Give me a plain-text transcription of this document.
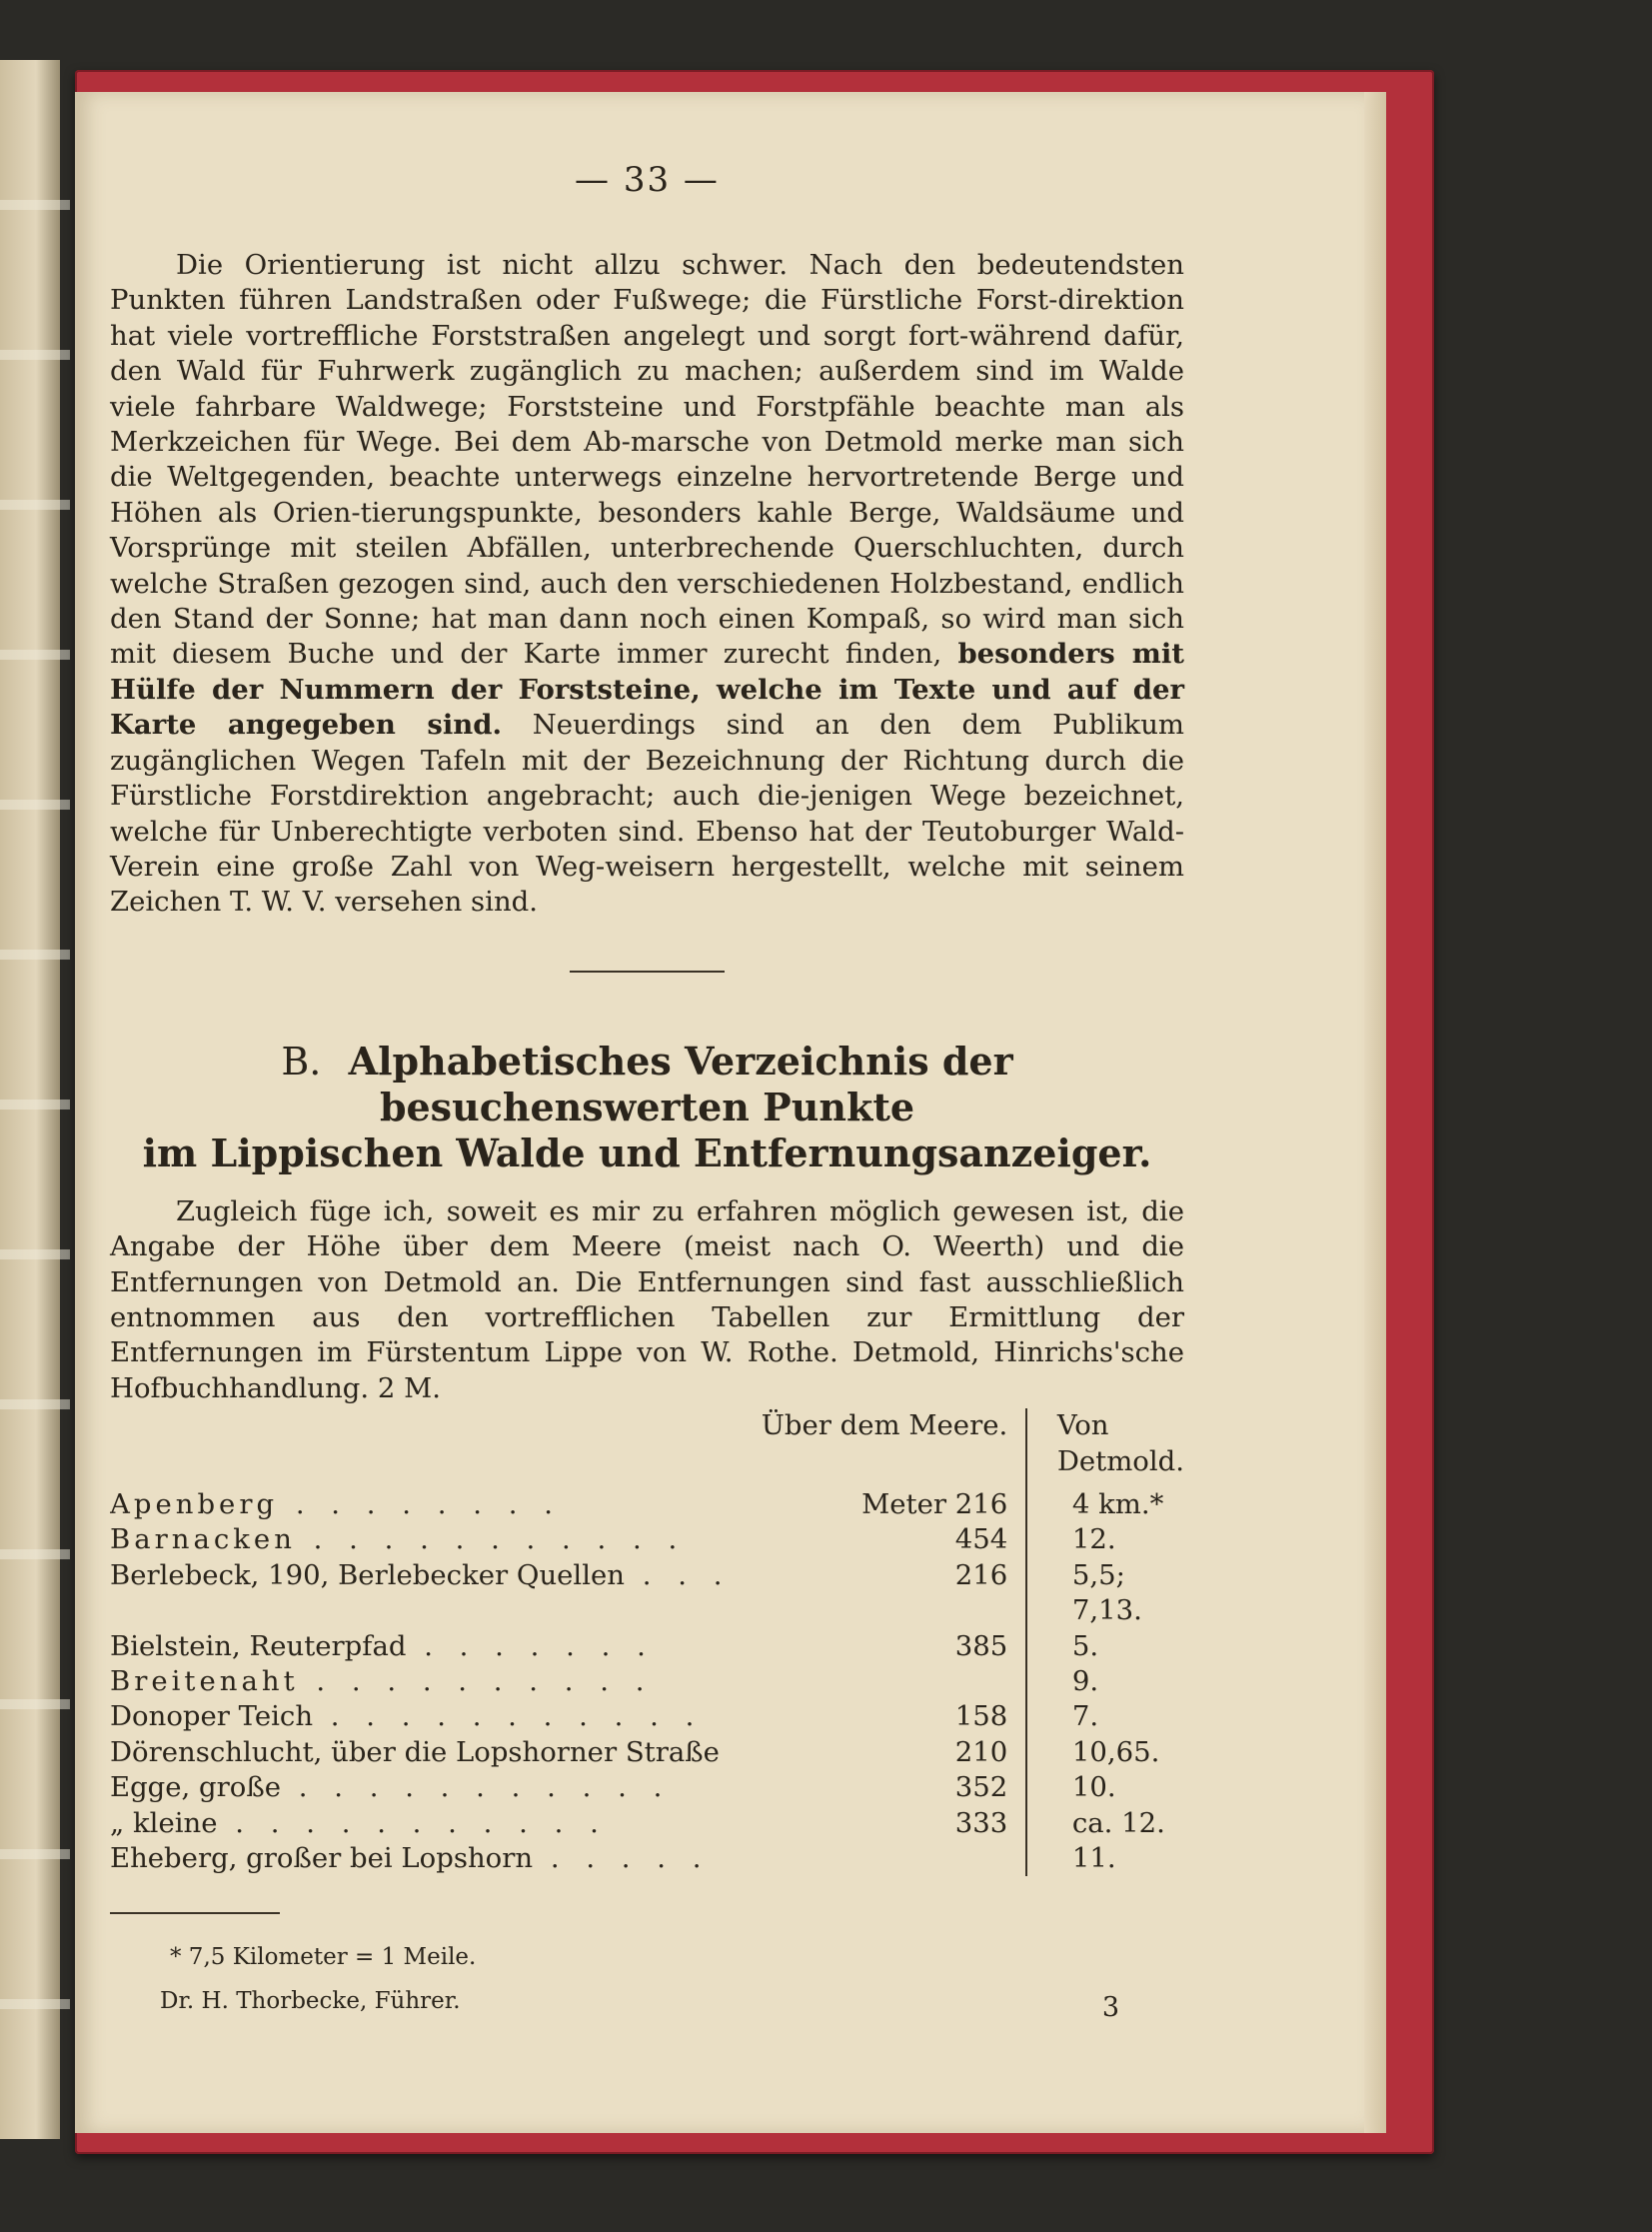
— 33 —

Die Orientierung ist nicht allzu schwer. Nach den bedeutendsten Punkten führen Landstraßen oder Fußwege; die Fürstliche Forst-direktion hat viele vortreffliche Forststraßen angelegt und sorgt fort-während dafür, den Wald für Fuhrwerk zugänglich zu machen; außerdem sind im Walde viele fahrbare Waldwege; Forststeine und Forstpfähle beachte man als Merkzeichen für Wege. Bei dem Ab-marsche von Detmold merke man sich die Weltgegenden, beachte unterwegs einzelne hervortretende Berge und Höhen als Orien-tierungspunkte, besonders kahle Berge, Waldsäume und Vorsprünge mit steilen Abfällen, unterbrechende Querschluchten, durch welche Straßen gezogen sind, auch den verschiedenen Holzbestand, endlich den Stand der Sonne; hat man dann noch einen Kompaß, so wird man sich mit diesem Buche und der Karte immer zurecht finden, besonders mit Hülfe der Nummern der Forststeine, welche im Texte und auf der Karte angegeben sind. Neuerdings sind an den dem Publikum zugänglichen Wegen Tafeln mit der Bezeichnung der Richtung durch die Fürstliche Forstdirektion angebracht; auch die-jenigen Wege bezeichnet, welche für Unberechtigte verboten sind. Ebenso hat der Teutoburger Wald-Verein eine große Zahl von Weg-weisern hergestellt, welche mit seinem Zeichen T. W. V. versehen sind.

B. Alphabetisches Verzeichnis der besuchenswerten Punkte
im Lippischen Walde und Entfernungsanzeiger.

Zugleich füge ich, soweit es mir zu erfahren möglich gewesen ist, die Angabe der Höhe über dem Meere (meist nach O. Weerth) und die Entfernungen von Detmold an. Die Entfernungen sind fast ausschließlich entnommen aus den vortrefflichen Tabellen zur Ermittlung der Entfernungen im Fürstentum Lippe von W. Rothe. Detmold, Hinrichs'sche Hofbuchhandlung. 2 M.

Über dem Meere.			Von Detmold.
Apenberg . . . . . . . .	Meter 216		4 km.*
Barnacken . . . . . . . . . . .	454		12.
Berlebeck, 190, Berlebecker Quellen . . .	216		5,5; 7,13.
Bielstein, Reuterpfad . . . . . . .	385		5.
Breitenaht . . . . . . . . . .			9.
Donoper Teich . . . . . . . . . . .	158		7.
Dörenschlucht, über die Lopshorner Straße	210		10,65.
Egge, große . . . . . . . . . . .	352		10.
„ kleine . . . . . . . . . . .	333		ca. 12.
Eheberg, großer bei Lopshorn . . . . .			11.
* 7,5 Kilometer = 1 Meile.
Dr. H. Thorbecke, Führer.	3
